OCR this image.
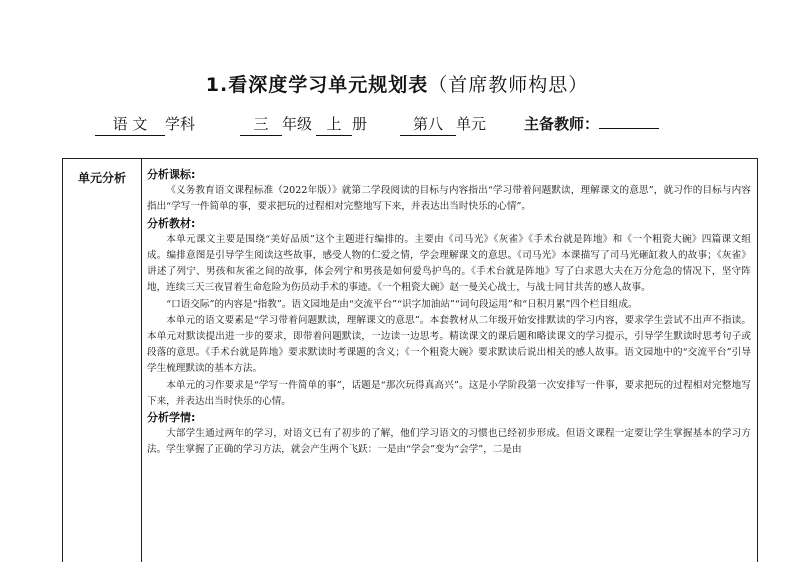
1.看深度学习单元规划表（首席教师构思）
语 文 学科	三 年级 上 册	第八 单元	主备教师：
单元分析	分析课标:

《义务教育语文课程标准（2022年版）》就第二学段阅读的目标与内容指出“学习带着问题默读，理解课文的意思”，就习作的目标与内容指出“学写一件简单的事，要求把玩的过程相对完整地写下来，并表达出当时快乐的心情”。

分析教材:

本单元课文主要是围绕“美好品质”这个主题进行编排的。主要由《司马光》《灰雀》《手术台就是阵地》和《一个粗瓷大碗》四篇课文组成。编排意图是引导学生阅读这些故事，感受人物的仁爱之情，学会理解课文的意思。《司马光》本课描写了司马光砸缸救人的故事；《灰雀》讲述了列宁、男孩和灰雀之间的故事，体会列宁和男孩是如何爱鸟护鸟的。《手术台就是阵地》写了白求恩大夫在万分危急的情况下，坚守阵地，连续三天三夜冒着生命危险为伤员动手术的事迹。《一个粗瓷大碗》赵一曼关心战士，与战士同甘共苦的感人故事。

“口语交际”的内容是“指教”。语文园地是由“交流平台”“识字加油站”“词句段运用”和“日积月累”四个栏目组成。

本单元的语文要素是“学习带着问题默读，理解课文的意思”。本套教材从二年级开始安排默读的学习内容，要求学生尝试不出声不指读。本单元对默读提出进一步的要求，即带着问题默读，一边读一边思考。精读课文的课后题和略读课文的学习提示，引导学生默读时思考句子或段落的意思。《手术台就是阵地》要求默读时考课题的含义；《一个粗瓷大碗》要求默读后说出相关的感人故事。语文园地中的“交流平台”引导学生梳理默读的基本方法。

本单元的习作要求是“学写一件简单的事”，话题是“那次玩得真高兴”。这是小学阶段第一次安排写一件事，要求把玩的过程相对完整地写下来，并表达出当时快乐的心情。

分析学情:

大部学生通过两年的学习，对语文已有了初步的了解，他们学习语文的习惯也已经初步形成。但语文课程一定要让学生掌握基本的学习方法。学生掌握了正确的学习方法，就会产生两个飞跃：一是由“学会”变为“会学”，二是由
